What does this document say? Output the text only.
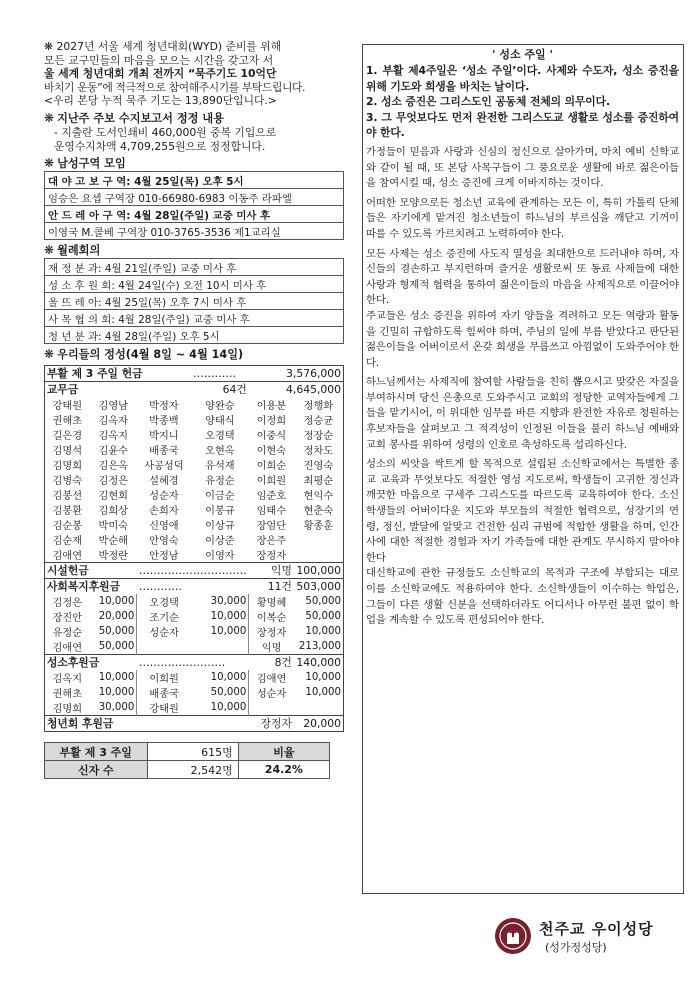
❋ 2027년 서울 세계 청년대회(WYD) 준비를 위해
모든 교구민들의 마음을 모으는 시간을 갖고자 서
울 세계 청년대회 개최 전까지 “묵주기도 10억단
바치기 운동”에 적극적으로 참여해주시기를 부탁드립니다.
<우리 본당 누적 묵주 기도는 13,890단입니다.>
❋ 지난주 주보 수지보고서 정정 내용
- 지출란 도서인쇄비 460,000원 중복 기입으로
운영수지차액 4,709,255원으로 정정합니다.
❋ 남성구역 모임
대 야 고 보 구 역: 4월 25일(목) 오후 5시
임승은 요셉 구역장 010-66980-6983 이동주 라파엘
안 드 레 아 구 역: 4월 28일(주일) 교중 미사 후
이영국 M.콜베 구역장 010-3765-3536 제1교리실
❋ 월례회의
재 정 분 과: 4월 21일(주일) 교중 미사 후
성 소 후 원 회: 4월 24일(수) 오전 10시 미사 후
울 뜨 레 아: 4월 25일(목) 오후 7시 미사 후
사 목 협 의 회: 4월 28일(주일) 교중 미사 후
청 년 분 과: 4월 28일(주일) 오후 5시
❋ 우리들의 정성(4월 8일 ~ 4월 14일)
부활 제 3 주일 헌금			…………	3,576,000	
교무금			64건	4,645,000	
강태원	김영남	박정자	양완승	이용분	정행화
권해초	김옥자	박종백	양태식	이정희	정승균
길은경	김옥지	박지니	오경택	이중식	정장순
김명석	김윤수	배종국	오현옥	이현숙	정차도
김명희	김은옥	사공성덕	유석재	이희순	진영숙
김병숙	김정은	설혜경	유정순	이희원	최평순
김봉선	김현희	성순자	이금순	임준호	현익수
김봉환	김희상	손희자	이봉규	임태수	현춘숙
김순봉	박미숙	신영애	이상규	장엄단	황종훈
김순재	박순해	안영숙	이상준	장은주	
김애연	박정란	안정남	이영자	장정자	
시설헌금		…………………………		익명	100,000
사회복지후원금		…………		11건	503,000
김정은	10,000	오경택	30,000	황명혜	50,000
장진안	20,000	조기순	10,000	이복순	50,000
유정순	50,000	성순자	10,000	장정자	10,000
김애연	50,000			익명	213,000
성소후원금		……………………		8건	140,000
김옥지	10,000	이희원	10,000	김애연	10,000
권해초	10,000	배종국	50,000	성순자	10,000
김명희	30,000	강태원	10,000		
청년회 후원금				장정자	20,000
부활 제 3 주일	615명	비율
신자 수	2,542명	24.2%
' 성소 주일 '
1. 부활 제4주일은 ‘성소 주일’이다. 사제와 수도자, 성소 증진을 위해 기도와 희생을 바치는 날이다.
2. 성소 증진은 그리스도인 공동체 전체의 의무이다.
3. 그 무엇보다도 먼저 완전한 그리스도교 생활로 성소를 증진하여야 한다.
가정들이 믿음과 사랑과 신심의 정신으로 살아가며, 마치 예비 신학교와 같이 될 때, 또 본당 사목구들이 그 풍요로운 생활에 바로 젊은이들을 참여시킬 때, 성소 증진에 크게 이바지하는 것이다.
어떠한 모양으로든 청소년 교육에 관계하는 모든 이, 특히 가톨릭 단체들은 자기에게 맡겨진 청소년들이 하느님의 부르심을 깨닫고 기꺼이 따를 수 있도록 가르치려고 노력하여야 한다.
모든 사제는 성소 증진에 사도직 열성을 최대한으로 드러내야 하며, 자신들의 겸손하고 부지런하며 즐거운 생활로써 또 동료 사제들에 대한 사랑과 형제적 협력을 통하여 젊은이들의 마음을 사제직으로 이끌어야 한다.
주교들은 성소 증진을 위하여 자기 양들을 격려하고 모든 역량과 활동을 긴밀히 규합하도록 힘써야 하며, 주님의 일에 부름 받았다고 판단된 젊은이들을 어버이로서 온갖 희생을 무릅쓰고 아낌없이 도와주어야 한다.
하느님께서는 사제직에 참여할 사람들을 친히 뽑으시고 맞갖은 자질을 부여하시며 당신 은총으로 도와주시고 교회의 정당한 교역자들에게 그들을 맡기시어, 이 위대한 임무를 바른 지향과 완전한 자유로 청원하는 후보자들을 살펴보고 그 적격성이 인정된 이들을 불러 하느님 예배와 교회 봉사를 위하여 성령의 인호로 축성하도록 섭리하신다.
성소의 씨앗을 싹트게 할 목적으로 설립된 소신학교에서는 특별한 종교 교육과 무엇보다도 적절한 영성 지도로써, 학생들이 고귀한 정신과 깨끗한 마음으로 구세주 그리스도를 따르도록 교육하여야 한다. 소신학생들의 어버이다운 지도와 부모들의 적절한 협력으로, 성장기의 연령, 정신, 발달에 알맞고 건전한 심리 규범에 적합한 생활을 하며, 인간사에 대한 적절한 경험과 자기 가족들에 대한 관계도 무시하지 말아야 한다
대신학교에 관한 규정들도 소신학교의 목적과 구조에 부합되는 대로 이를 소신학교에도 적용하여야 한다. 소신학생들이 이수하는 학업은, 그들이 다른 생활 신분을 선택하더라도 어디서나 아무런 불편 없이 학업을 계속할 수 있도록 편성되어야 한다.
천주교 우이성당
(성가정성당)
